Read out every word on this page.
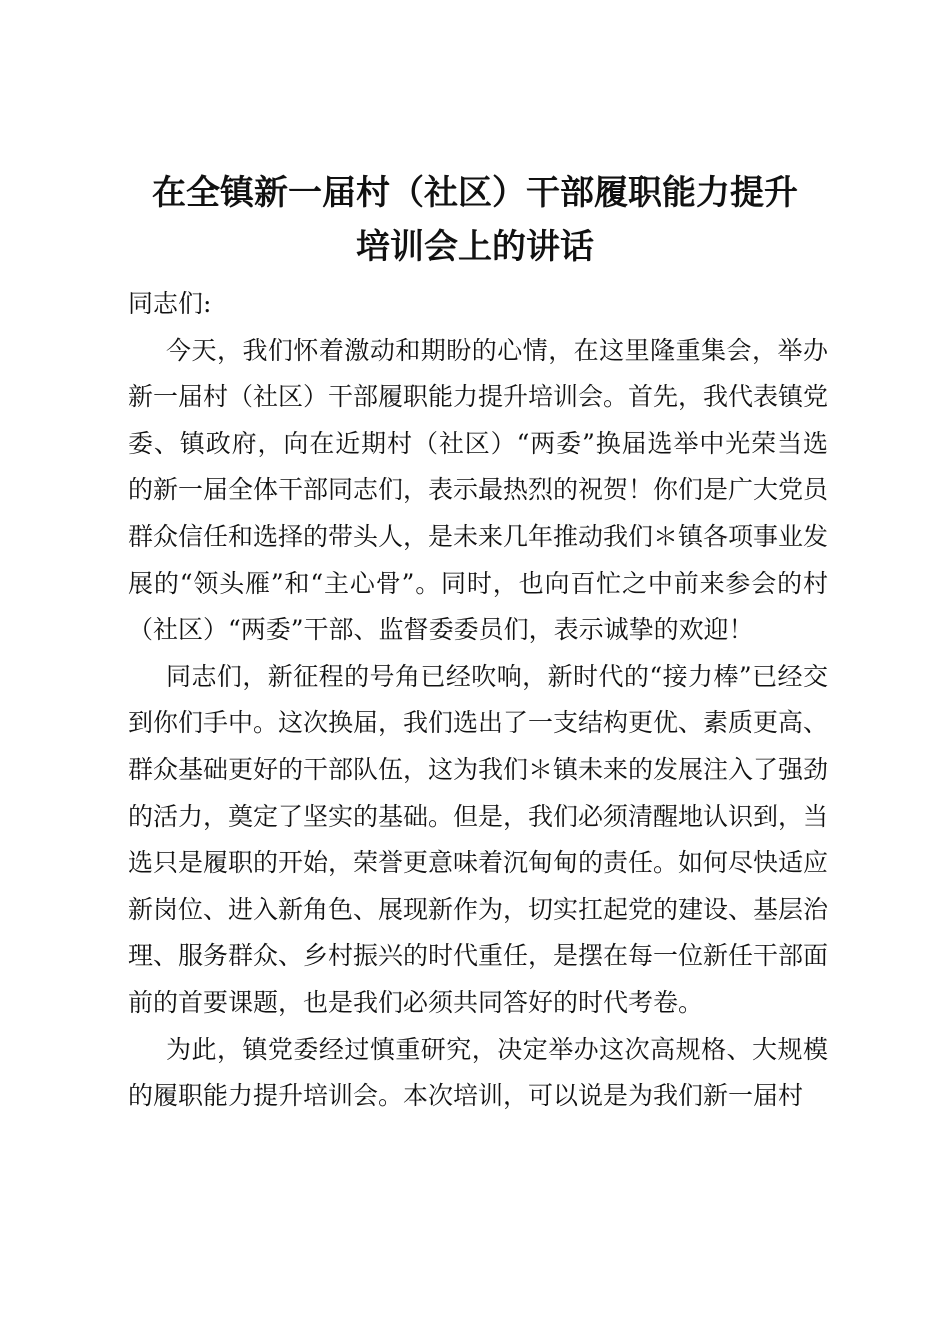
在全镇新一届村（社区）干部履职能力提升
培训会上的讲话

同志们:

今天，我们怀着激动和期盼的心情，在这里隆重集会，举办新一届村（社区）干部履职能力提升培训会。首先，我代表镇党委、镇政府，向在近期村（社区）“两委”换届选举中光荣当选的新一届全体干部同志们，表示最热烈的祝贺！你们是广大党员群众信任和选择的带头人，是未来几年推动我们＊镇各项事业发展的“领头雁”和“主心骨”。同时，也向百忙之中前来参会的村（社区）“两委”干部、监督委委员们，表示诚挚的欢迎！

同志们，新征程的号角已经吹响，新时代的“接力棒”已经交到你们手中。这次换届，我们选出了一支结构更优、素质更高、群众基础更好的干部队伍，这为我们＊镇未来的发展注入了强劲的活力，奠定了坚实的基础。但是，我们必须清醒地认识到，当选只是履职的开始，荣誉更意味着沉甸甸的责任。如何尽快适应新岗位、进入新角色、展现新作为，切实扛起党的建设、基层治理、服务群众、乡村振兴的时代重任，是摆在每一位新任干部面前的首要课题，也是我们必须共同答好的时代考卷。

为此，镇党委经过慎重研究，决定举办这次高规格、大规模的履职能力提升培训会。本次培训，可以说是为我们新一届村
